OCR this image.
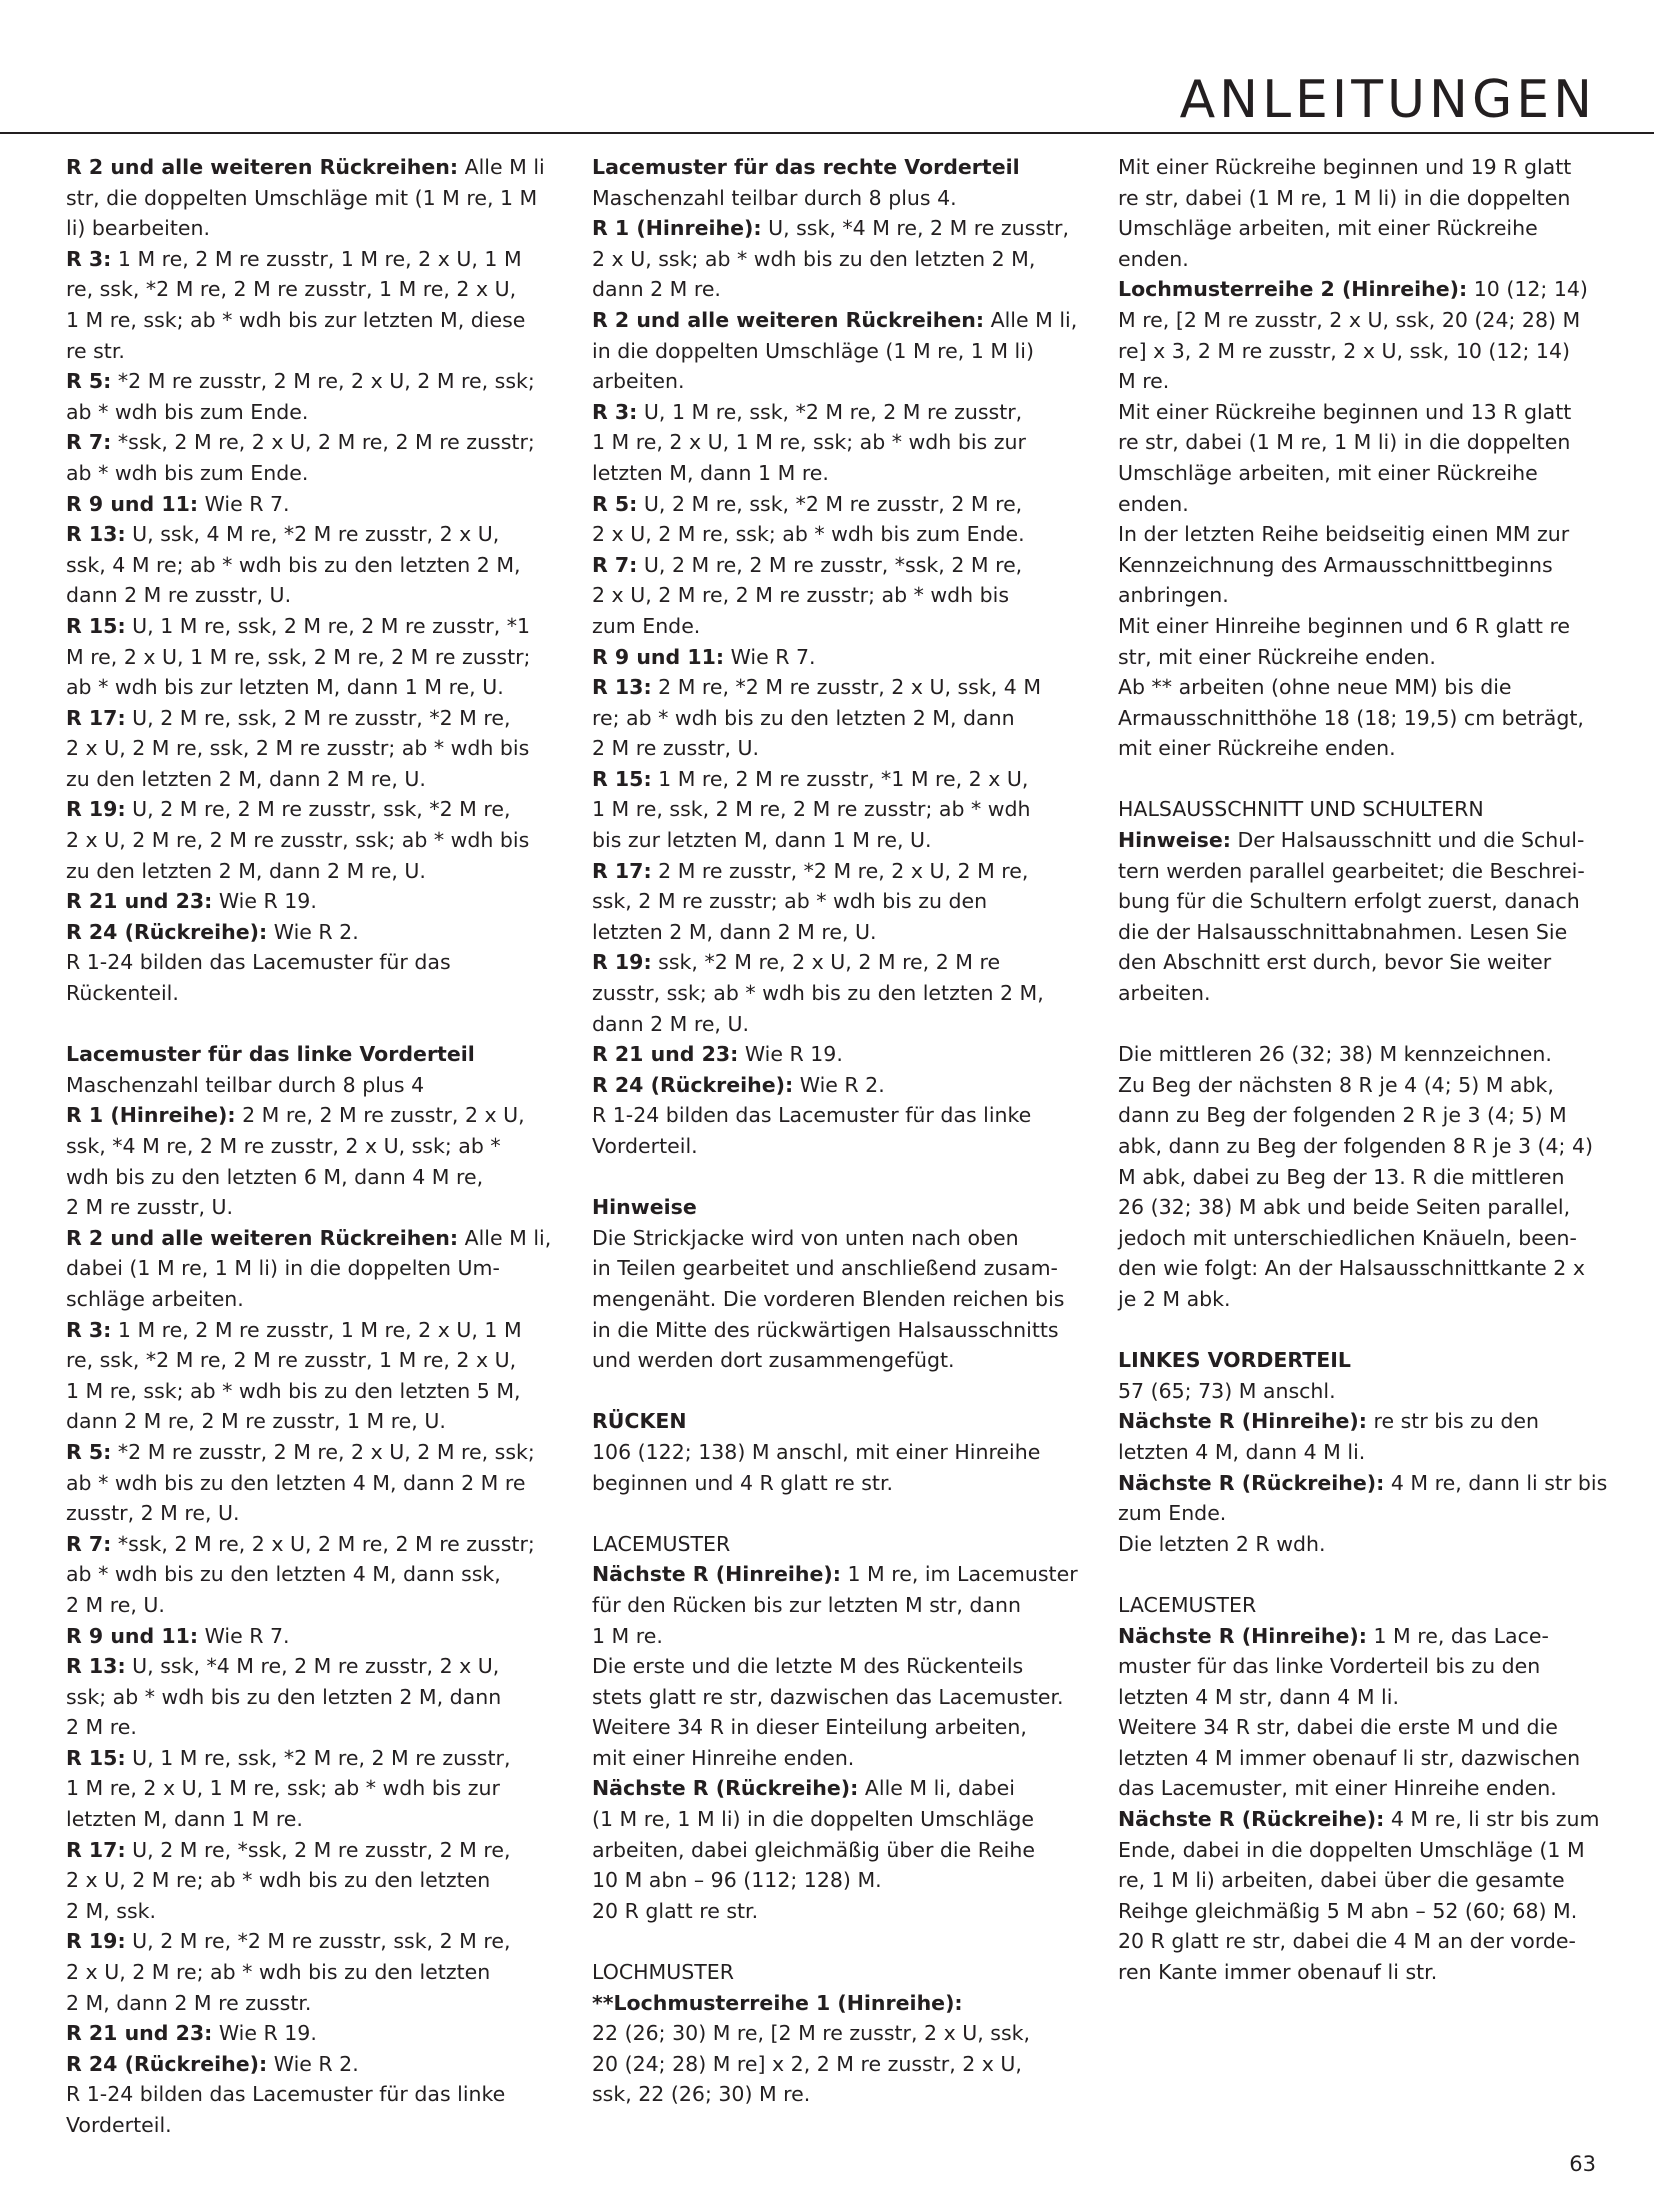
ANLEITUNGEN

R 2 und alle weiteren Rückreihen: Alle M li

str, die doppelten Umschläge mit (1 M re, 1 M

li) bearbeiten.

R 3: 1 M re, 2 M re zusstr, 1 M re, 2 x U, 1 M

re, ssk, *2 M re, 2 M re zusstr, 1 M re, 2 x U,

1 M re, ssk; ab * wdh bis zur letzten M, diese

re str.

R 5: *2 M re zusstr, 2 M re, 2 x U, 2 M re, ssk;

ab * wdh bis zum Ende.

R 7: *ssk, 2 M re, 2 x U, 2 M re, 2 M re zusstr;

ab * wdh bis zum Ende.

R 9 und 11: Wie R 7.

R 13: U, ssk, 4 M re, *2 M re zusstr, 2 x U,

ssk, 4 M re; ab * wdh bis zu den letzten 2 M,

dann 2 M re zusstr, U.

R 15: U, 1 M re, ssk, 2 M re, 2 M re zusstr, *1

M re, 2 x U, 1 M re, ssk, 2 M re, 2 M re zusstr;

ab * wdh bis zur letzten M, dann 1 M re, U.

R 17: U, 2 M re, ssk, 2 M re zusstr, *2 M re,

2 x U, 2 M re, ssk, 2 M re zusstr; ab * wdh bis

zu den letzten 2 M, dann 2 M re, U.

R 19: U, 2 M re, 2 M re zusstr, ssk, *2 M re,

2 x U, 2 M re, 2 M re zusstr, ssk; ab * wdh bis

zu den letzten 2 M, dann 2 M re, U.

R 21 und 23: Wie R 19.

R 24 (Rückreihe): Wie R 2.

R 1-24 bilden das Lacemuster für das Rückenteil.

Lacemuster für das linke Vorderteil

Maschenzahl teilbar durch 8 plus 4

R 1 (Hinreihe): 2 M re, 2 M re zusstr, 2 x U,

ssk, *4 M re, 2 M re zusstr, 2 x U, ssk; ab *

wdh bis zu den letzten 6 M, dann 4 M re,

2 M re zusstr, U.

R 2 und alle weiteren Rückreihen: Alle M li,

dabei (1 M re, 1 M li) in die doppelten Um-

schläge arbeiten.

R 3: 1 M re, 2 M re zusstr, 1 M re, 2 x U, 1 M

re, ssk, *2 M re, 2 M re zusstr, 1 M re, 2 x U,

1 M re, ssk; ab * wdh bis zu den letzten 5 M,

dann 2 M re, 2 M re zusstr, 1 M re, U.

R 5: *2 M re zusstr, 2 M re, 2 x U, 2 M re, ssk;

ab * wdh bis zu den letzten 4 M, dann 2 M re

zusstr, 2 M re, U.

R 7: *ssk, 2 M re, 2 x U, 2 M re, 2 M re zusstr;

ab * wdh bis zu den letzten 4 M, dann ssk,

2 M re, U.

R 9 und 11: Wie R 7.

R 13: U, ssk, *4 M re, 2 M re zusstr, 2 x U,

ssk; ab * wdh bis zu den letzten 2 M, dann

2 M re.

R 15: U, 1 M re, ssk, *2 M re, 2 M re zusstr,

1 M re, 2 x U, 1 M re, ssk; ab * wdh bis zur

letzten M, dann 1 M re.

R 17: U, 2 M re, *ssk, 2 M re zusstr, 2 M re,

2 x U, 2 M re; ab * wdh bis zu den letzten

2 M, ssk.

R 19: U, 2 M re, *2 M re zusstr, ssk, 2 M re,

2 x U, 2 M re; ab * wdh bis zu den letzten

2 M, dann 2 M re zusstr.

R 21 und 23: Wie R 19.

R 24 (Rückreihe): Wie R 2.

R 1-24 bilden das Lacemuster für das linke

Vorderteil.

Lacemuster für das rechte Vorderteil

Maschenzahl teilbar durch 8 plus 4.

R 1 (Hinreihe): U, ssk, *4 M re, 2 M re zusstr,

2 x U, ssk; ab * wdh bis zu den letzten 2 M,

dann 2 M re.

R 2 und alle weiteren Rückreihen: Alle M li,

in die doppelten Umschläge (1 M re, 1 M li)

arbeiten.

R 3: U, 1 M re, ssk, *2 M re, 2 M re zusstr,

1 M re, 2 x U, 1 M re, ssk; ab * wdh bis zur

letzten M, dann 1 M re.

R 5: U, 2 M re, ssk, *2 M re zusstr, 2 M re,

2 x U, 2 M re, ssk; ab * wdh bis zum Ende.

R 7: U, 2 M re, 2 M re zusstr, *ssk, 2 M re,

2 x U, 2 M re, 2 M re zusstr; ab * wdh bis

zum Ende.

R 9 und 11: Wie R 7.

R 13: 2 M re, *2 M re zusstr, 2 x U, ssk, 4 M

re; ab * wdh bis zu den letzten 2 M, dann

2 M re zusstr, U.

R 15: 1 M re, 2 M re zusstr, *1 M re, 2 x U,

1 M re, ssk, 2 M re, 2 M re zusstr; ab * wdh

bis zur letzten M, dann 1 M re, U.

R 17: 2 M re zusstr, *2 M re, 2 x U, 2 M re,

ssk, 2 M re zusstr; ab * wdh bis zu den

letzten 2 M, dann 2 M re, U.

R 19: ssk, *2 M re, 2 x U, 2 M re, 2 M re

zusstr, ssk; ab * wdh bis zu den letzten 2 M,

dann 2 M re, U.

R 21 und 23: Wie R 19.

R 24 (Rückreihe): Wie R 2.

R 1-24 bilden das Lacemuster für das linke

Vorderteil.

Hinweise

Die Strickjacke wird von unten nach oben

in Teilen gearbeitet und anschließend zusam-

mengenäht. Die vorderen Blenden reichen bis

in die Mitte des rückwärtigen Halsausschnitts

und werden dort zusammengefügt.

RÜCKEN

106 (122; 138) M anschl, mit einer Hinreihe

beginnen und 4 R glatt re str.

LACEMUSTER

Nächste R (Hinreihe): 1 M re, im Lacemuster

für den Rücken bis zur letzten M str, dann

1 M re.

Die erste und die letzte M des Rückenteils

stets glatt re str, dazwischen das Lacemuster.

Weitere 34 R in dieser Einteilung arbeiten,

mit einer Hinreihe enden.

Nächste R (Rückreihe): Alle M li, dabei

(1 M re, 1 M li) in die doppelten Umschläge

arbeiten, dabei gleichmäßig über die Reihe

10 M abn – 96 (112; 128) M.

20 R glatt re str.

LOCHMUSTER

**Lochmusterreihe 1 (Hinreihe):

22 (26; 30) M re, [2 M re zusstr, 2 x U, ssk,

20 (24; 28) M re] x 2, 2 M re zusstr, 2 x U,

ssk, 22 (26; 30) M re.

Mit einer Rückreihe beginnen und 19 R glatt

re str, dabei (1 M re, 1 M li) in die doppelten

Umschläge arbeiten, mit einer Rückreihe

enden.

Lochmusterreihe 2 (Hinreihe): 10 (12; 14)

M re, [2 M re zusstr, 2 x U, ssk, 20 (24; 28) M

re] x 3, 2 M re zusstr, 2 x U, ssk, 10 (12; 14)

M re.

Mit einer Rückreihe beginnen und 13 R glatt

re str, dabei (1 M re, 1 M li) in die doppelten

Umschläge arbeiten, mit einer Rückreihe

enden.

In der letzten Reihe beidseitig einen MM zur

Kennzeichnung des Armausschnittbeginns

anbringen.

Mit einer Hinreihe beginnen und 6 R glatt re

str, mit einer Rückreihe enden.

Ab ** arbeiten (ohne neue MM) bis die

Armausschnitthöhe 18 (18; 19,5) cm beträgt,

mit einer Rückreihe enden.

HALSAUSSCHNITT UND SCHULTERN

Hinweise: Der Halsausschnitt und die Schul-

tern werden parallel gearbeitet; die Beschrei-

bung für die Schultern erfolgt zuerst, danach

die der Halsausschnittabnahmen. Lesen Sie

den Abschnitt erst durch, bevor Sie weiter

arbeiten.

Die mittleren 26 (32; 38) M kennzeichnen.

Zu Beg der nächsten 8 R je 4 (4; 5) M abk,

dann zu Beg der folgenden 2 R je 3 (4; 5) M

abk, dann zu Beg der folgenden 8 R je 3 (4; 4)

M abk, dabei zu Beg der 13. R die mittleren

26 (32; 38) M abk und beide Seiten parallel,

jedoch mit unterschiedlichen Knäueln, been-

den wie folgt: An der Halsausschnittkante 2 x

je 2 M abk.

LINKES VORDERTEIL

57 (65; 73) M anschl.

Nächste R (Hinreihe): re str bis zu den

letzten 4 M, dann 4 M li.

Nächste R (Rückreihe): 4 M re, dann li str bis

zum Ende.

Die letzten 2 R wdh.

LACEMUSTER

Nächste R (Hinreihe): 1 M re, das Lace-

muster für das linke Vorderteil bis zu den

letzten 4 M str, dann 4 M li.

Weitere 34 R str, dabei die erste M und die

letzten 4 M immer obenauf li str, dazwischen

das Lacemuster, mit einer Hinreihe enden.

Nächste R (Rückreihe): 4 M re, li str bis zum

Ende, dabei in die doppelten Umschläge (1 M

re, 1 M li) arbeiten, dabei über die gesamte

Reihge gleichmäßig 5 M abn – 52 (60; 68) M.

20 R glatt re str, dabei die 4 M an der vorde-

ren Kante immer obenauf li str.

63
